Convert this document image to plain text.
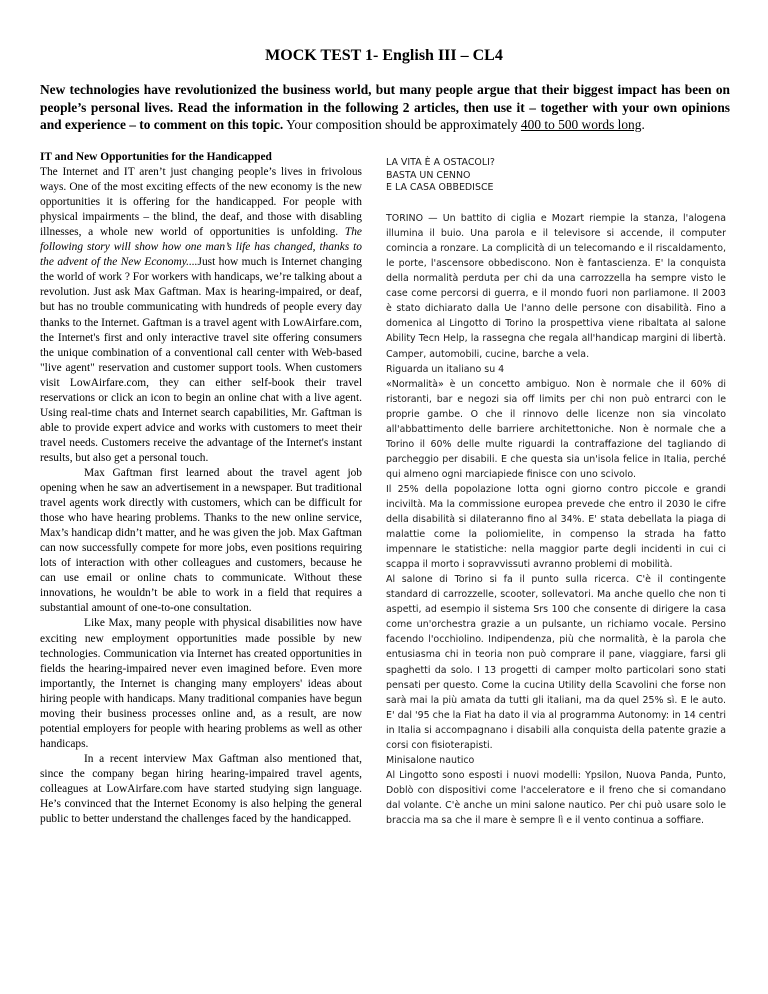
MOCK TEST 1- English III – CL4

New technologies have revolutionized the business world, but many people argue that their biggest impact has been on people’s personal lives. Read the information in the following 2 articles, then use it – together with your own opinions and experience – to comment on this topic. Your composition should be approximately 400 to 500 words long.

IT and New Opportunities for the Handicapped

The Internet and IT aren’t just changing people’s lives in frivolous ways. One of the most exciting effects of the new economy is the new opportunities it is offering for the handicapped. For people with physical impairments – the blind, the deaf, and those with disabling illnesses, a whole new world of opportunities is unfolding. The following story will show how one man’s life has changed, thanks to the advent of the New Economy....Just how much is Internet changing the world of work ? For workers with handicaps, we’re talking about a revolution. Just ask Max Gaftman. Max is hearing-impaired, or deaf, but has no trouble communicating with hundreds of people every day thanks to the Internet. Gaftman is a travel agent with LowAirfare.com, the Internet's first and only interactive travel site offering consumers the unique combination of a conventional call center with Web-based "live agent" reservation and customer support tools. When customers visit LowAirfare.com, they can either self-book their travel reservations or click an icon to begin an online chat with a live agent. Using real-time chats and Internet search capabilities, Mr. Gaftman is able to provide expert advice and works with customers to meet their travel needs. Customers receive the advantage of the Internet's instant results, but also get a personal touch.

Max Gaftman first learned about the travel agent job opening when he saw an advertisement in a newspaper. But traditional travel agents work directly with customers, which can be difficult for those who have hearing problems. Thanks to the new online service, Max’s handicap didn’t matter, and he was given the job. Max Gaftman can now successfully compete for more jobs, even positions requiring lots of interaction with other colleagues and customers, because he can use email or online chats to communicate. Without these innovations, he wouldn’t be able to work in a field that requires a substantial amount of one-to-one consultation.

Like Max, many people with physical disabilities now have exciting new employment opportunities made possible by new technologies. Communication via Internet has created opportunities in fields the hearing-impaired never even imagined before. Even more importantly, the Internet is changing many employers' ideas about hiring people with handicaps. Many traditional companies have begun moving their business processes online and, as a result, are now potential employers for people with hearing problems as well as other handicaps.

In a recent interview Max Gaftman also mentioned that, since the company began hiring hearing-impaired travel agents, colleagues at LowAirfare.com have started studying sign language. He’s convinced that the Internet Economy is also helping the general public to better understand the challenges faced by the handicapped.

LA VITA È A OSTACOLI?
BASTA UN CENNO
E LA CASA OBBEDISCE

TORINO — Un battito di ciglia e Mozart riempie la stanza, l'alogena illumina il buio. Una parola e il televisore si accende, il computer comincia a ronzare. La complicità di un telecomando e il riscaldamento, le porte, l'ascensore obbediscono. Non è fantascienza. E' la conquista della normalità perduta per chi da una carrozzella ha sempre visto le case come percorsi di guerra, e il mondo fuori non parliamone. Il 2003 è stato dichiarato dalla Ue l'anno delle persone con disabilità. Fino a domenica al Lingotto di Torino la prospettiva viene ribaltata al salone Ability Tecn Help, la rassegna che regala all'handicap margini di libertà. Camper, automobili, cucine, barche a vela.

Riguarda un italiano su 4

«Normalità» è un concetto ambiguo. Non è normale che il 60% di ristoranti, bar e negozi sia off limits per chi non può entrarci con le proprie gambe. O che il rinnovo delle licenze non sia vincolato all'abbattimento delle barriere architettoniche. Non è normale che a Torino il 60% delle multe riguardi la contraffazione del tagliando di parcheggio per disabili. E che questa sia un'isola felice in Italia, perché qui almeno ogni marciapiede finisce con uno scivolo.

Il 25% della popolazione lotta ogni giorno contro piccole e grandi inciviltà. Ma la commissione europea prevede che entro il 2030 le cifre della disabilità si dilateranno fino al 34%. E' stata debellata la piaga di malattie come la poliomielite, in compenso la strada ha fatto impennare le statistiche: nella maggior parte degli incidenti in cui ci scappa il morto i sopravvissuti avranno problemi di mobilità.

Al salone di Torino si fa il punto sulla ricerca. C'è il contingente standard di carrozzelle, scooter, sollevatori. Ma anche quello che non ti aspetti, ad esempio il sistema Srs 100 che consente di dirigere la casa come un'orchestra grazie a un pulsante, un richiamo vocale. Persino facendo l'occhiolino. Indipendenza, più che normalità, è la parola che entusiasma chi in teoria non può comprare il pane, viaggiare, farsi gli spaghetti da solo. I 13 progetti di camper molto particolari sono stati pensati per questo. Come la cucina Utility della Scavolini che forse non sarà mai la più amata da tutti gli italiani, ma da quel 25% sì. E le auto. E' dal '95 che la Fiat ha dato il via al programma Autonomy: in 14 centri in Italia si accompagnano i disabili alla conquista della patente grazie a corsi con fisioterapisti.

Minisalone nautico

Al Lingotto sono esposti i nuovi modelli: Ypsilon, Nuova Panda, Punto, Doblò con dispositivi come l'acceleratore e il freno che si comandano dal volante. C'è anche un mini salone nautico. Per chi può usare solo le braccia ma sa che il mare è sempre lì e il vento continua a soffiare.
